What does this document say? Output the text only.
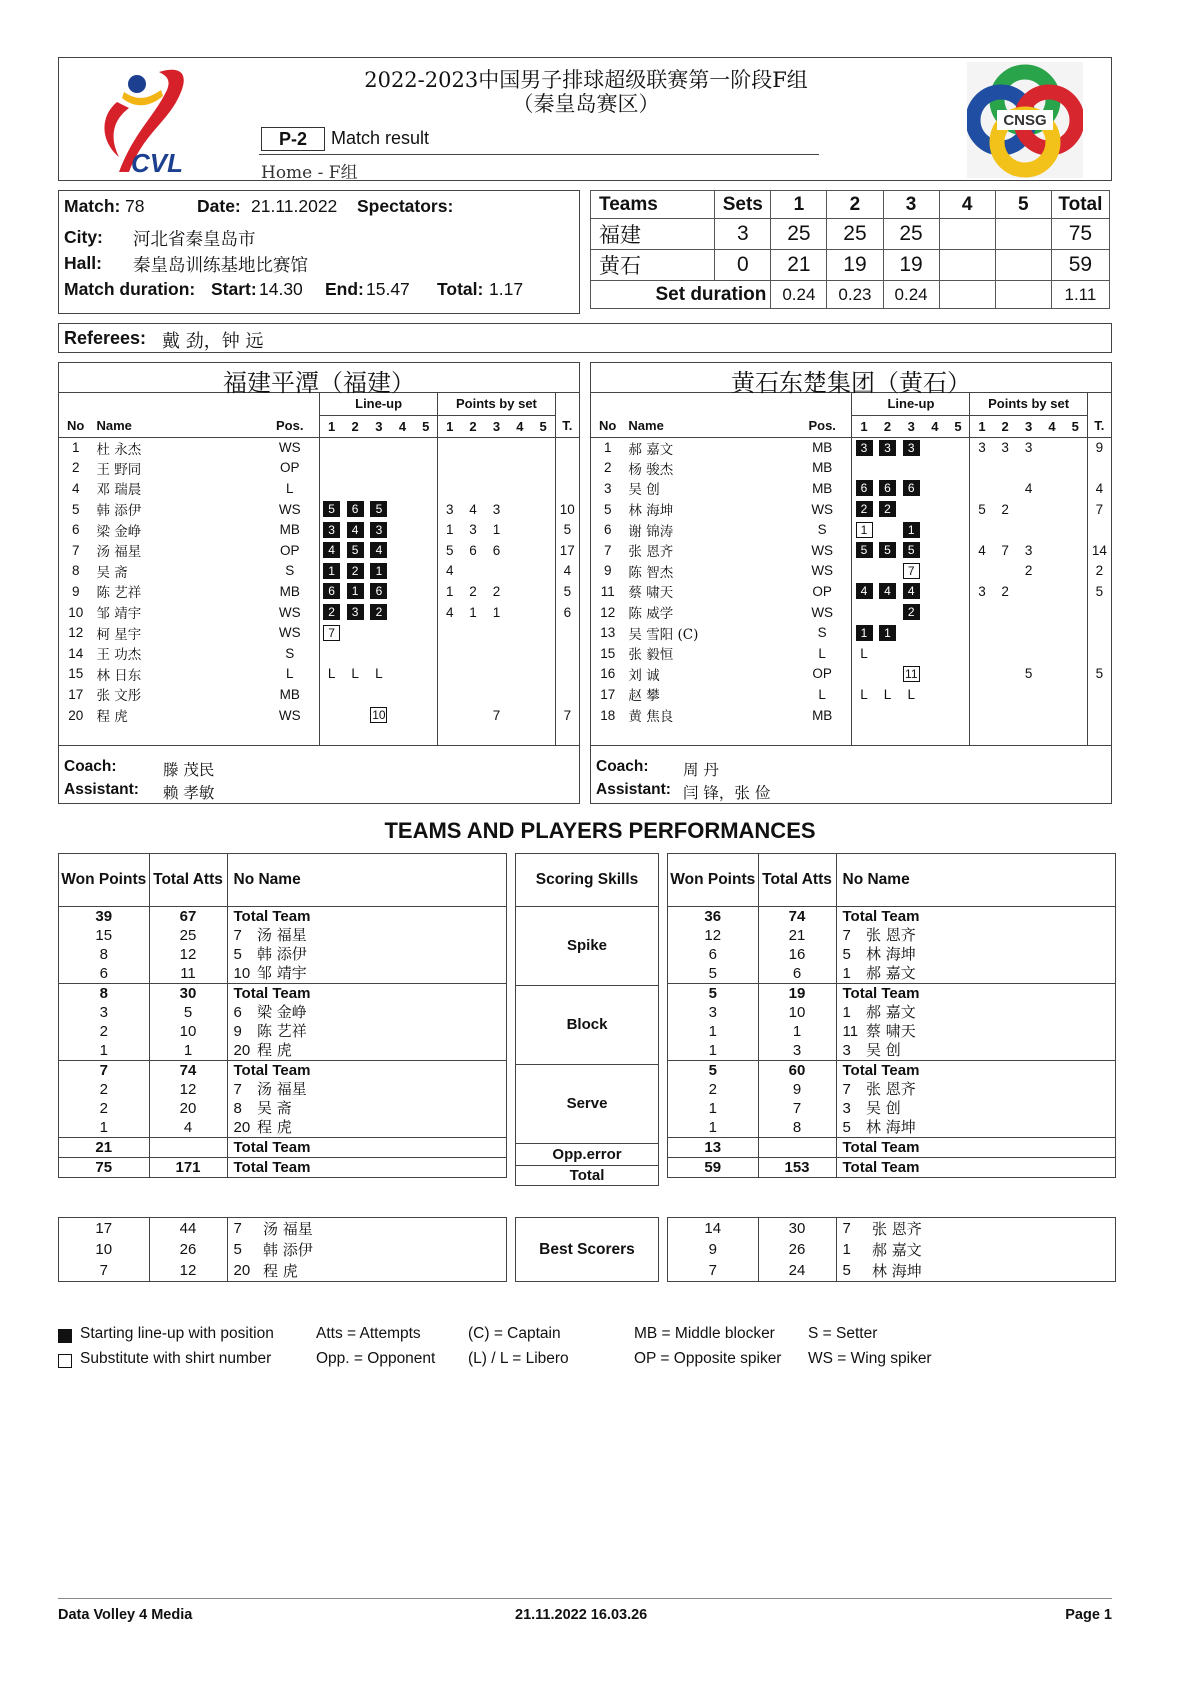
CVL
2022-2023中国男子排球超级联赛第一阶段F组
（秦皇岛赛区）
P-2	Match result
Home - F组
CNSG
Match: 78	Date: 21.11.2022 Spectators:
City: 河北省秦皇岛市
Hall: 秦皇岛训练基地比赛馆
Match duration: Start: 14.30 End: 15.47 Total: 1.17
Teams	Sets	1	2	3	4	5	Total
福建	3	25	25	25			75
黄石	0	21	19	19			59
Set duration		0.24	0.23	0.24			1.11
Referees: 戴 劲，钟 远
福建平潭（福建）
			Line-up					Points by set					
No	Name	Pos.	1	2	3	4	5	1	2	3	4	5	T.
1	杜 永杰	WS											
2	王 野同	OP											
4	邓 瑞晨	L											
5	韩 添伊	WS	5	6	5			3	4	3			10
6	梁 金峥	MB	3	4	3			1	3	1			5
7	汤 福星	OP	4	5	4			5	6	6			17
8	吴 斋	S	1	2	1			4					4
9	陈 艺祥	MB	6	1	6			1	2	2			5
10	邹 靖宇	WS	2	3	2			4	1	1			6
12	柯 星宇	WS	7										
14	王 功杰	S											
15	林 日东	L	L	L	L								
17	张 文彤	MB											
20	程 虎	WS			10					7			7

Coach:	滕 茂民
Assistant: 赖 孝敏
黄石东楚集团（黄石）
			Line-up					Points by set					
No	Name	Pos.	1	2	3	4	5	1	2	3	4	5	T.
1	郝 嘉文	MB	3	3	3			3	3	3			9
2	杨 骏杰	MB											
3	吴 创	MB	6	6	6					4			4
5	林 海坤	WS	2	2				5	2				7
6	谢 锦涛	S	1		1								
7	张 恩齐	WS	5	5	5			4	7	3			14
9	陈 智杰	WS			7					2			2
11	蔡 啸天	OP	4	4	4			3	2				5
12	陈 威学	WS			2								
13	吴 雪阳 (C)	S	1	1									
15	张 毅恒	L	L										
16	刘 诚	OP			11					5			5
17	赵 攀	L	L	L	L								
18	黄 焦良	MB											

Coach: 周 丹
Assistant: 闫 锋，张 俭
TEAMS AND PLAYERS PERFORMANCES
Won Points	Total Atts	No Name	
39	67	Total Team	
15	25	7	汤 福星
8	12	5	韩 添伊
6	11	10	邹 靖宇
8	30	Total Team	
3	5	6	梁 金峥
2	10	9	陈 艺祥
1	1	20	程 虎
7	74	Total Team	
2	12	7	汤 福星
2	20	8	吴 斋
1	4	20	程 虎
21		Total Team	
75	171	Total Team	
Scoring Skills
Spike
Block
Serve
Opp.error
Total
Won Points	Total Atts	No Name	
36	74	Total Team	
12	21	7	张 恩齐
6	16	5	林 海坤
5	6	1	郝 嘉文
5	19	Total Team	
3	10	1	郝 嘉文
1	1	11	蔡 啸天
1	3	3	吴 创
5	60	Total Team	
2	9	7	张 恩齐
1	7	3	吴 创
1	8	5	林 海坤
13		Total Team	
59	153	Total Team	
17	44	7	汤 福星
10	26	5	韩 添伊
7	12	20	程 虎
Best Scorers
14	30	7	张 恩齐
9	26	1	郝 嘉文
7	24	5	林 海坤
Starting line-up with position
Substitute with shirt number
Atts = Attempts
Opp. = Opponent
(C) = Captain
(L) / L = Libero
MB = Middle blocker
OP = Opposite spiker
S = Setter
WS = Wing spiker
Data Volley 4 Media	21.11.2022 16.03.26	Page 1
